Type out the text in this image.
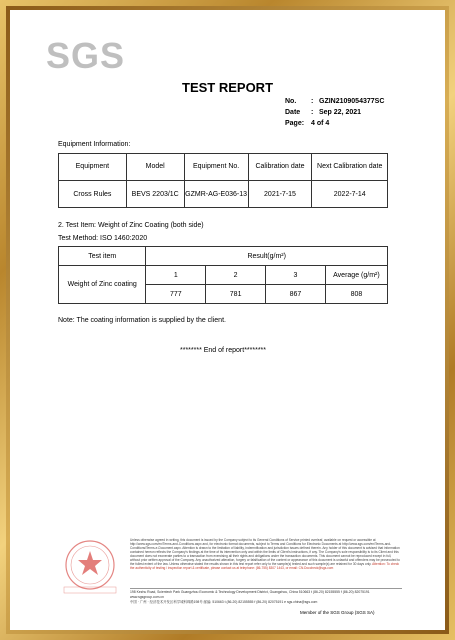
SGS
TEST REPORT
No. : GZIN2109054377SC
Date : Sep 22, 2021
Page: 4 of 4
Equipment Information:
Equipment	Model	Equipment No.	Calibration date	Next Calibration date
Cross Rules	BEVS 2203/1C	GZMR-AG-E036-13	2021-7-15	2022-7-14
2. Test Item: Weight of Zinc Coating (both side)
Test Method: ISO 1460:2020
Test item	Result(g/m²)			
Weight of Zinc coating	1	2	3	Average (g/m²)
	777	781	867	808
Note: The coating information is supplied by the client.
******** End of report********
Unless otherwise agreed in writing, this document is issued by the Company subject to its General Conditions of Service printed overleaf, available on request or accessible at http://www.sgs.com/en/Terms-and-Conditions.aspx and, for electronic format documents, subject to Terms and Conditions for Electronic Documents at http://www.sgs.com/en/Terms-and-Conditions/Terms-e-Document.aspx. Attention is drawn to the limitation of liability, indemnification and jurisdiction issues defined therein. Any holder of this document is advised that information contained hereon reflects the Company's findings at the time of its intervention only and within the limits of Client's instructions, if any. The Company's sole responsibility is to its Client and this document does not exonerate parties to a transaction from exercising all their rights and obligations under the transaction documents. This document cannot be reproduced except in full, without prior written approval of the Company. Any unauthorized alteration, forgery or falsification of the content or appearance of this document is unlawful and offenders may be prosecuted to the fullest extent of the law. Unless otherwise stated the results shown in this test report refer only to the sample(s) tested and such sample(s) are retained for 30 days only. Attention: To check the authenticity of testing / inspection report & certificate, please contact us at telephone: (86-755) 8307 1443, or email: CN.Doccheck@sgs.com
198 Kezhu Road, Scientech Park Guangzhou Economic & Technology Development District, Guangzhou, China 510663 t (86-20) 82155555 f (86-20) 82075191 www.sgsgroup.com.cn
中国 · 广州 · 经济技术开发区科学城科珠路198号 邮编: 510663 t (86-20) 82155555 f (86-20) 82075191 e sgs.china@sgs.com
Member of the SGS Group (SGS SA)
